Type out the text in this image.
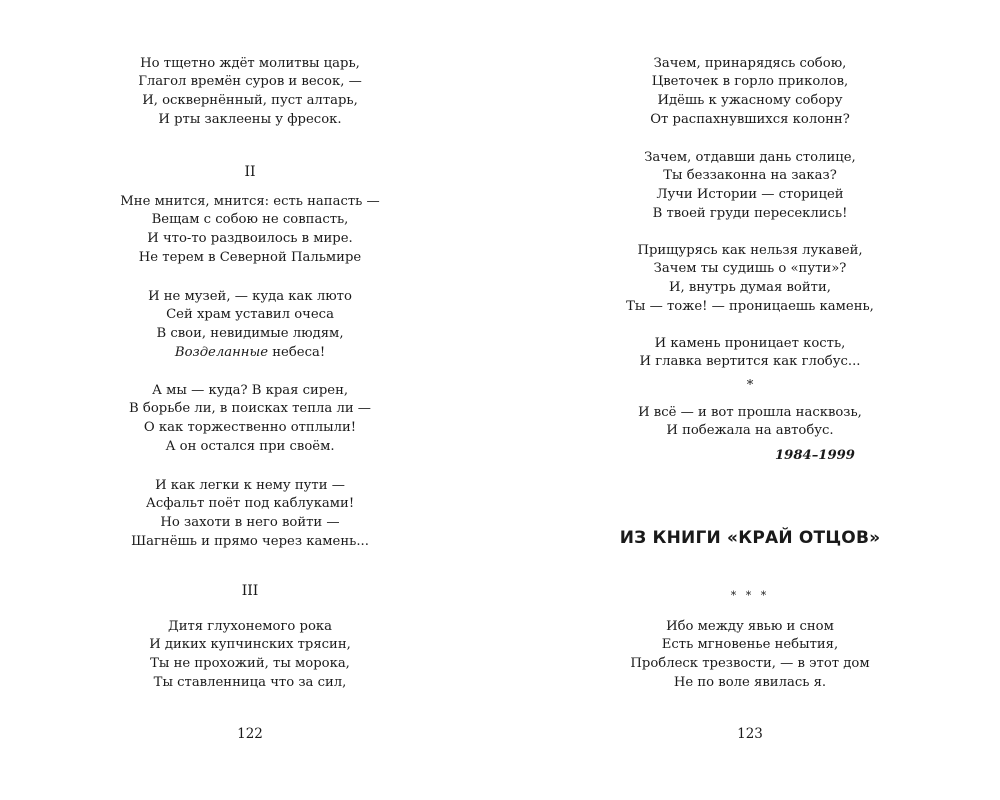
Но тщетно ждёт молитвы царь,
Глагол времён суров и весок, —
И, осквернённый, пуст алтарь,
И рты заклеены у фресок.
II
Мне мнится, мнится: есть напасть —
Вещам с собою не совпасть,
И что-то раздвоилось в мире.
Не терем в Северной Пальмире
И не музей, — куда как люто
Сей храм уставил очеса
В свои, невидимые людям,
Возделанные небеса!
А мы — куда? В края сирен,
В борьбе ли, в поисках тепла ли —
О как торжественно отплыли!
А он остался при своём.
И как легки к нему пути —
Асфальт поёт под каблуками!
Но захоти в него войти —
Шагнёшь и прямо через камень...
III
Дитя глухонемого рока
И диких купчинских трясин,
Ты не прохожий, ты морока,
Ты ставленница что за сил,
122
Зачем, принарядясь собою,
Цветочек в горло приколов,
Идёшь к ужасному собору
От распахнувшихся колонн?
Зачем, отдавши дань столице,
Ты беззаконна на заказ?
Лучи Истории — сторицей
В твоей груди пересеклись!
Прищурясь как нельзя лукавей,
Зачем ты судишь о «пути»?
И, внутрь думая войти,
Ты — тоже! — проницаешь камень,
И камень проницает кость,
И главка вертится как глобус...
*
И всё — и вот прошла насквозь,
И побежала на автобус.
1984–1999
ИЗ КНИГИ «КРАЙ ОТЦОВ»
* * *
Ибо между явью и сном
Есть мгновенье небытия,
Проблеск трезвости, — в этот дом
Не по воле явилась я.
123
